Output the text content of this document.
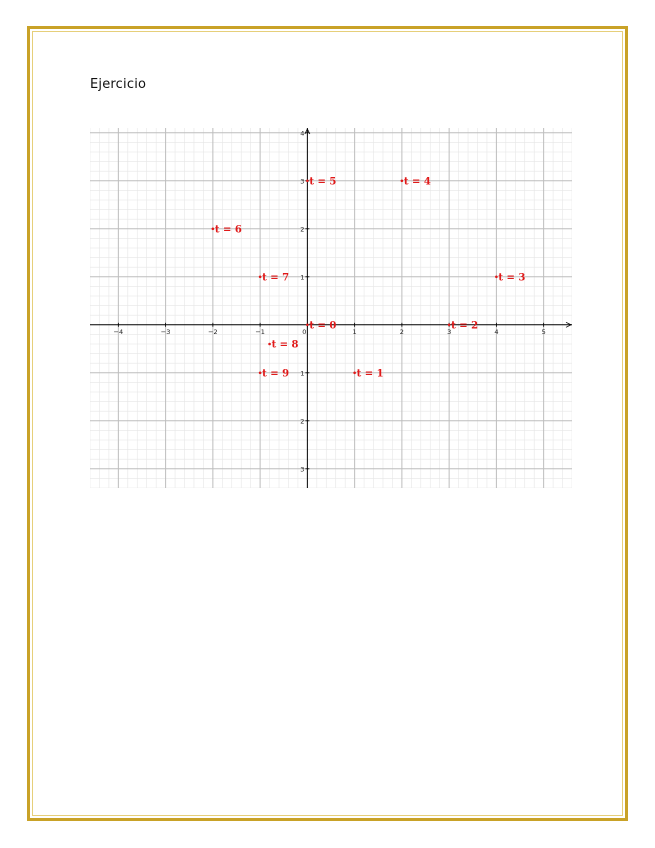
Ejercicio
−4	−3	−2	−1	0	1	2	3	4	5
3
2
1
1
2
3
4
t = 0
t = 1
t = 2
t = 3
t = 4
t = 5
t = 6
t = 7
t = 8
t = 9
